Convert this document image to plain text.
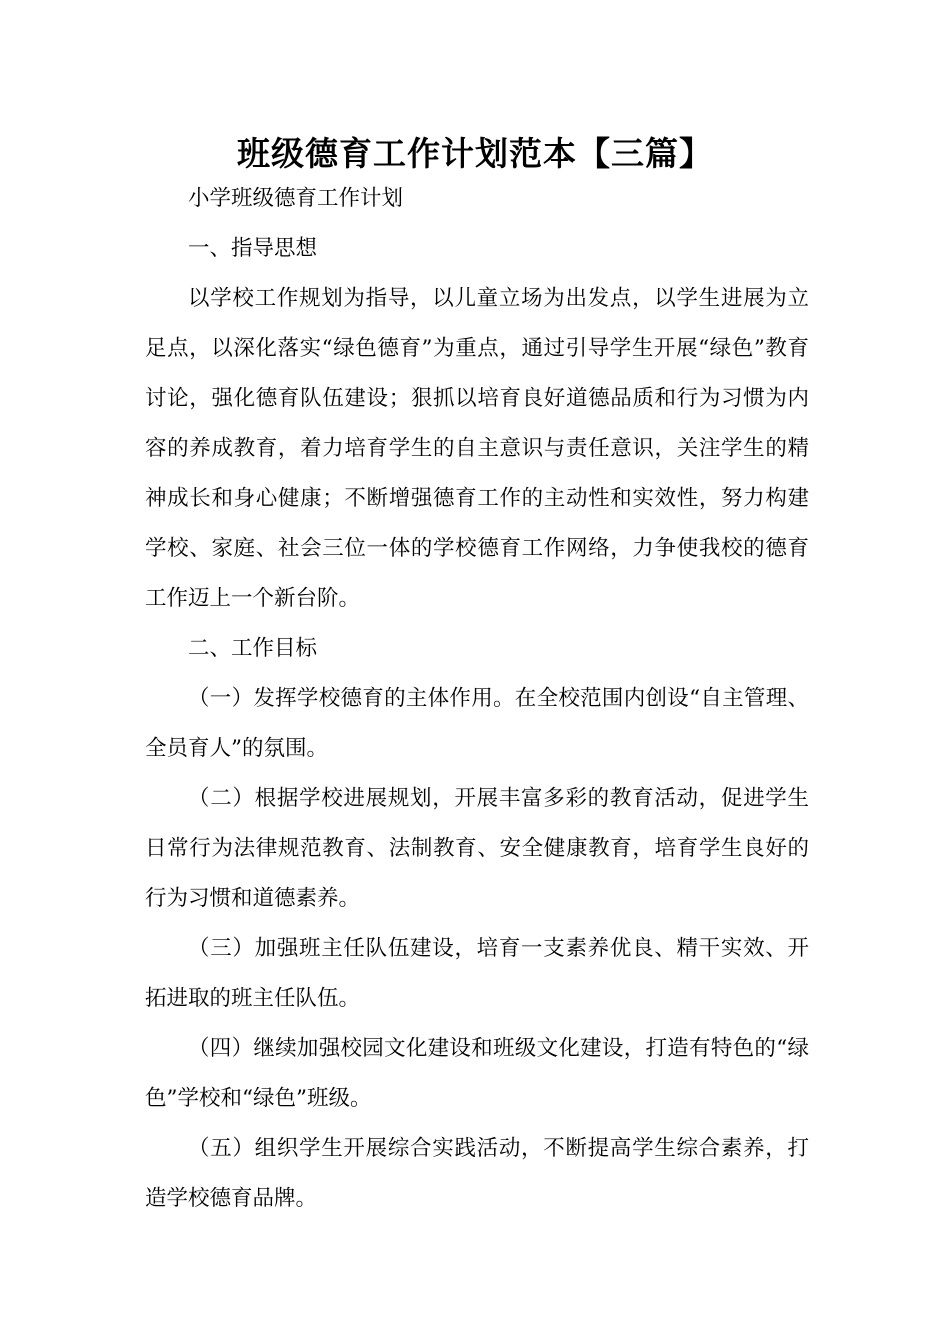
班级德育工作计划范本【三篇】

小学班级德育工作计划

一、指导思想

以学校工作规划为指导，以儿童立场为出发点，以学生进展为立足点，以深化落实“绿色德育”为重点，通过引导学生开展“绿色”教育讨论，强化德育队伍建设；狠抓以培育良好道德品质和行为习惯为内容的养成教育，着力培育学生的自主意识与责任意识，关注学生的精神成长和身心健康；不断增强德育工作的主动性和实效性，努力构建学校、家庭、社会三位一体的学校德育工作网络，力争使我校的德育工作迈上一个新台阶。

二、工作目标

（一）发挥学校德育的主体作用。在全校范围内创设“自主管理、全员育人”的氛围。

（二）根据学校进展规划，开展丰富多彩的教育活动，促进学生日常行为法律规范教育、法制教育、安全健康教育，培育学生良好的行为习惯和道德素养。

（三）加强班主任队伍建设，培育一支素养优良、精干实效、开拓进取的班主任队伍。

（四）继续加强校园文化建设和班级文化建设，打造有特色的“绿色”学校和“绿色”班级。

（五）组织学生开展综合实践活动，不断提高学生综合素养，打造学校德育品牌。
